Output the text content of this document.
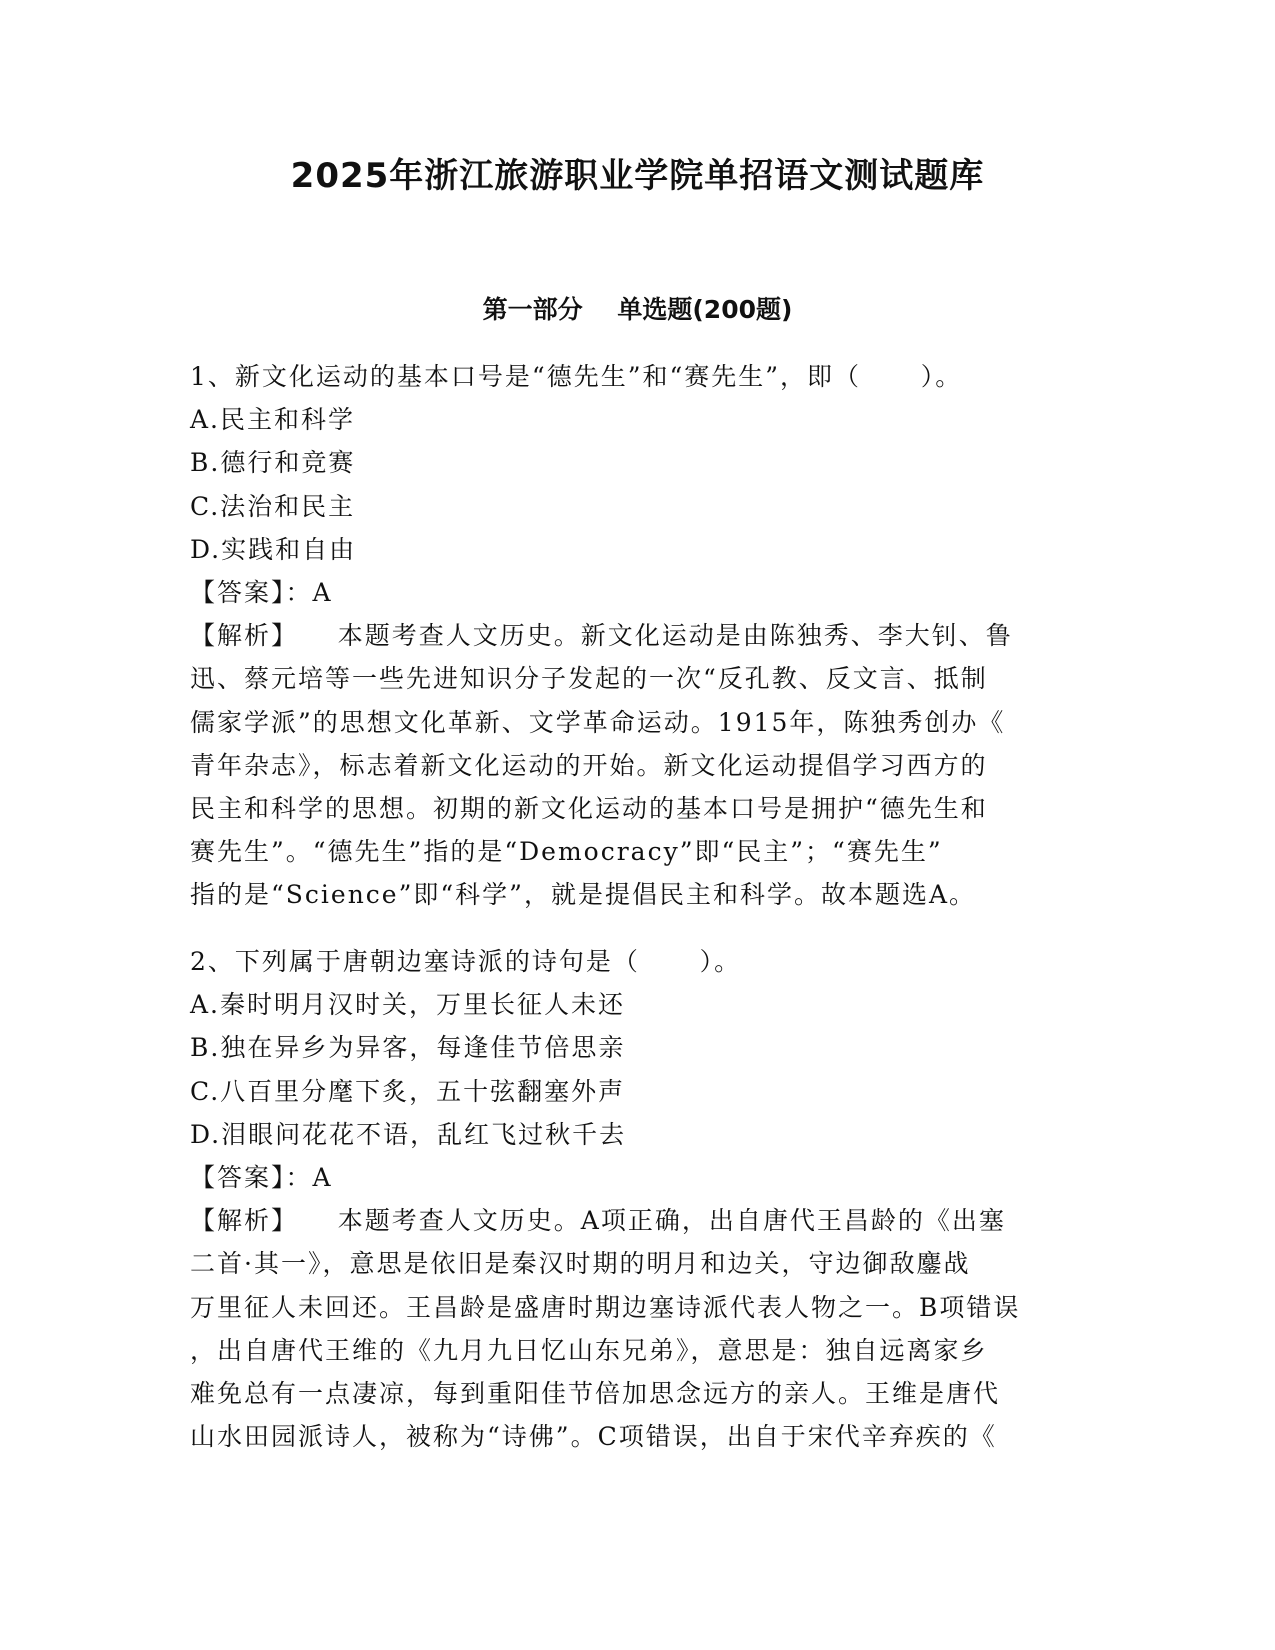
2025年浙江旅游职业学院单招语文测试题库
第一部分    单选题(200题)
1、新文化运动的基本口号是“德先生”和“赛先生”，即（      ）。
A.民主和科学
B.德行和竞赛
C.法治和民主
D.实践和自由
【答案】：A
【解析】    本题考查人文历史。新文化运动是由陈独秀、李大钊、鲁
迅、蔡元培等一些先进知识分子发起的一次“反孔教、反文言、抵制
儒家学派”的思想文化革新、文学革命运动。1915年，陈独秀创办《
青年杂志》，标志着新文化运动的开始。新文化运动提倡学习西方的
民主和科学的思想。初期的新文化运动的基本口号是拥护“德先生和
赛先生”。“德先生”指的是“Democracy”即“民主”；“赛先生”
指的是“Science”即“科学”，就是提倡民主和科学。故本题选A。
2、下列属于唐朝边塞诗派的诗句是（      ）。
A.秦时明月汉时关，万里长征人未还
B.独在异乡为异客，每逢佳节倍思亲
C.八百里分麾下炙，五十弦翻塞外声
D.泪眼问花花不语，乱红飞过秋千去
【答案】：A
【解析】    本题考查人文历史。A项正确，出自唐代王昌龄的《出塞
二首·其一》，意思是依旧是秦汉时期的明月和边关，守边御敌鏖战
万里征人未回还。王昌龄是盛唐时期边塞诗派代表人物之一。B项错误
，出自唐代王维的《九月九日忆山东兄弟》，意思是：独自远离家乡
难免总有一点凄凉，每到重阳佳节倍加思念远方的亲人。王维是唐代
山水田园派诗人，被称为“诗佛”。C项错误，出自于宋代辛弃疾的《
